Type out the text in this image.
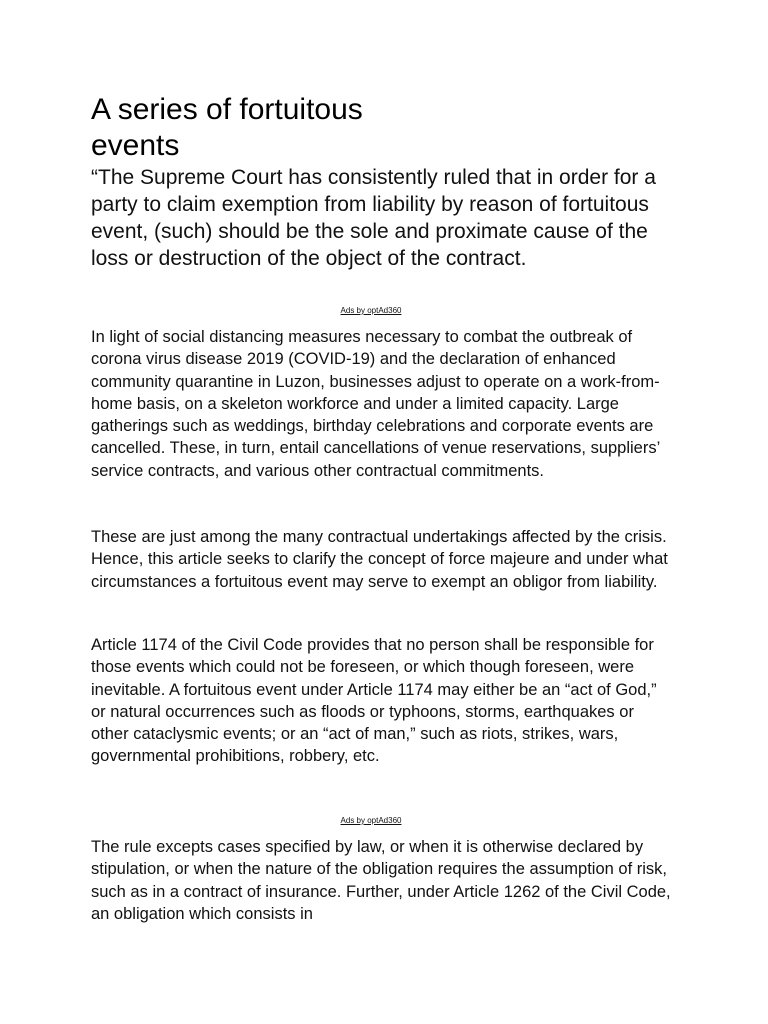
A series of fortuitous events

“The Supreme Court has consistently ruled that in order for a party to claim exemption from liability by reason of fortuitous event, (such) should be the sole and proximate cause of the loss or destruction of the object of the contract.

Ads by optAd360

In light of social distancing measures necessary to combat the outbreak of corona virus disease 2019 (COVID-19) and the declaration of enhanced community quarantine in Luzon, businesses adjust to operate on a work-from-home basis, on a skeleton workforce and under a limited capacity. Large gatherings such as weddings, birthday celebrations and corporate events are cancelled. These, in turn, entail cancellations of venue reservations, suppliers’ service contracts, and various other contractual commitments.

These are just among the many contractual undertakings affected by the crisis. Hence, this article seeks to clarify the concept of force majeure and under what circumstances a fortuitous event may serve to exempt an obligor from liability.

Article 1174 of the Civil Code provides that no person shall be responsible for those events which could not be foreseen, or which though foreseen, were inevitable. A fortuitous event under Article 1174 may either be an “act of God,” or natural occurrences such as floods or typhoons, storms, earthquakes or other cataclysmic events; or an “act of man,” such as riots, strikes, wars, governmental prohibitions, robbery, etc.

Ads by optAd360

The rule excepts cases specified by law, or when it is otherwise declared by stipulation, or when the nature of the obligation requires the assumption of risk, such as in a contract of insurance. Further, under Article 1262 of the Civil Code, an obligation which consists in
